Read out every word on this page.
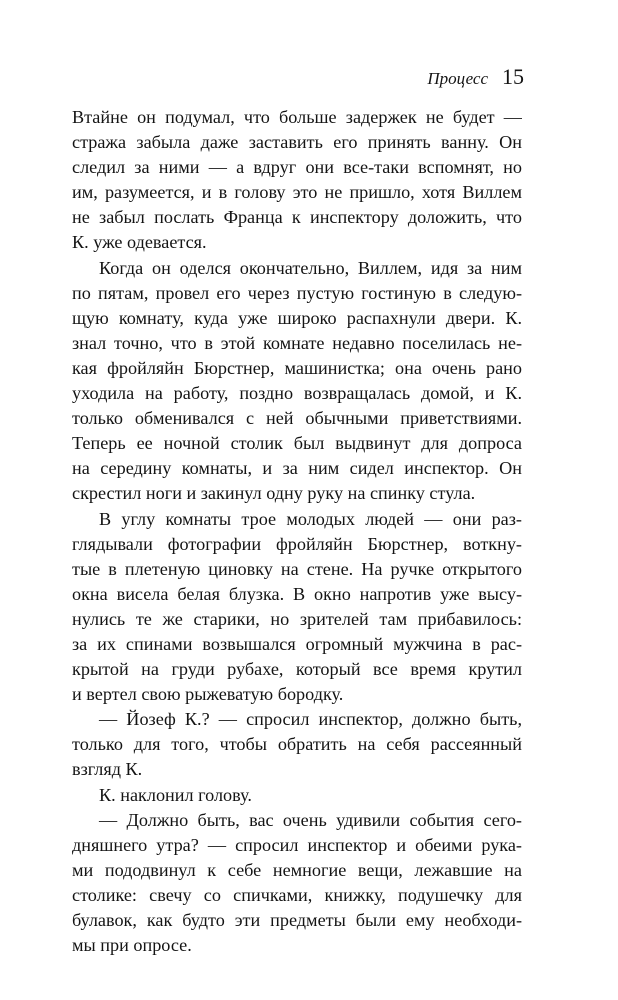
Процесс 15
Втайне он подумал, что больше задержек не будет —
стража забыла даже заставить его принять ванну. Он
следил за ними — а вдруг они все-таки вспомнят, но
им, разумеется, и в голову это не пришло, хотя Виллем
не забыл послать Франца к инспектору доложить, что
К. уже одевается.
Когда он оделся окончательно, Виллем, идя за ним
по пятам, провел его через пустую гостиную в следую-
щую комнату, куда уже широко распахнули двери. К.
знал точно, что в этой комнате недавно поселилась не-
кая фройляйн Бюрстнер, машинистка; она очень рано
уходила на работу, поздно возвращалась домой, и К.
только обменивался с ней обычными приветствиями.
Теперь ее ночной столик был выдвинут для допроса
на середину комнаты, и за ним сидел инспектор. Он
скрестил ноги и закинул одну руку на спинку стула.
В углу комнаты трое молодых людей — они раз-
глядывали фотографии фройляйн Бюрстнер, воткну-
тые в плетеную циновку на стене. На ручке открытого
окна висела белая блузка. В окно напротив уже высу-
нулись те же старики, но зрителей там прибавилось:
за их спинами возвышался огромный мужчина в рас-
крытой на груди рубахе, который все время крутил
и вертел свою рыжеватую бородку.
— Йозеф К.? — спросил инспектор, должно быть,
только для того, чтобы обратить на себя рассеянный
взгляд К.
К. наклонил голову.
— Должно быть, вас очень удивили события сего-
дняшнего утра? — спросил инспектор и обеими рука-
ми пододвинул к себе немногие вещи, лежавшие на
столике: свечу со спичками, книжку, подушечку для
булавок, как будто эти предметы были ему необходи-
мы при опросе.
